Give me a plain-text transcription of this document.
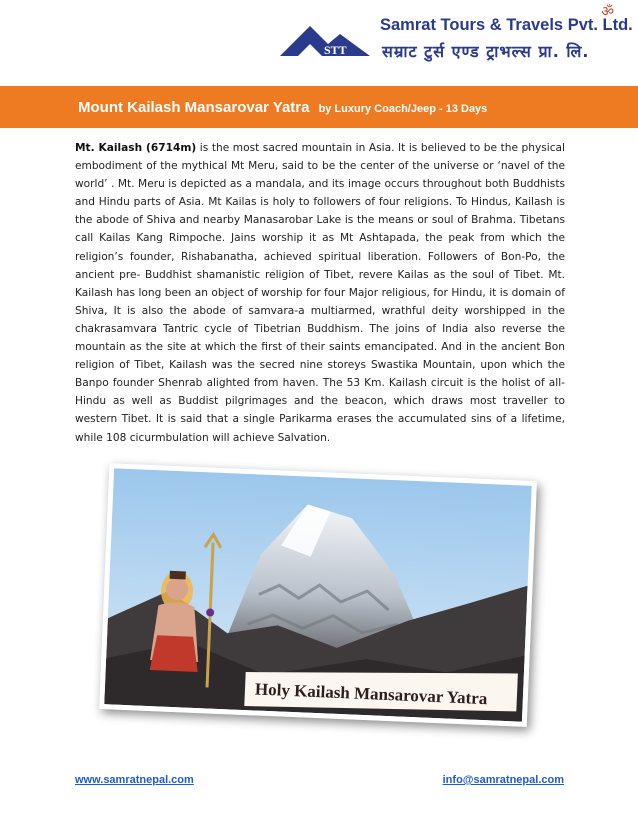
ॐ
STT
Samrat Tours & Travels Pvt. Ltd.
सम्राट टुर्स एण्ड ट्राभल्स प्रा. लि.
Mount Kailash Mansarovar Yatra by Luxury Coach/Jeep - 13 Days
Mt. Kailash (6714m) is the most sacred mountain in Asia. It is believed to be the physical embodiment of the mythical Mt Meru, said to be the center of the universe or ‘navel of the world’ . Mt. Meru is depicted as a mandala, and its image occurs throughout both Buddhists and Hindu parts of Asia. Mt Kailas is holy to followers of four religions. To Hindus, Kailash is the abode of Shiva and nearby Manasarobar Lake is the means or soul of Brahma. Tibetans call Kailas Kang Rimpoche. Jains worship it as Mt Ashtapada, the peak from which the religion’s founder, Rishabanatha, achieved spiritual liberation. Followers of Bon-Po, the ancient pre- Buddhist shamanistic religion of Tibet, revere Kailas as the soul of Tibet. Mt. Kailash has long been an object of worship for four Major religious, for Hindu, it is domain of Shiva, It is also the abode of samvara-a multiarmed, wrathful deity worshipped in the chakrasamvara Tantric cycle of Tibetrian Buddhism. The joins of India also reverse the mountain as the site at which the first of their saints emancipated. And in the ancient Bon religion of Tibet, Kailash was the secred nine storeys Swastika Mountain, upon which the Banpo founder Shenrab alighted from haven. The 53 Km. Kailash circuit is the holist of all-Hindu as well as Buddist pilgrimages and the beacon, which draws most traveller to western Tibet. It is said that a single Parikarma erases the accumulated sins of a lifetime, while 108 cicurmbulation will achieve Salvation.
Holy Kailash Mansarovar Yatra
www.samratnepal.com	info@samratnepal.com
